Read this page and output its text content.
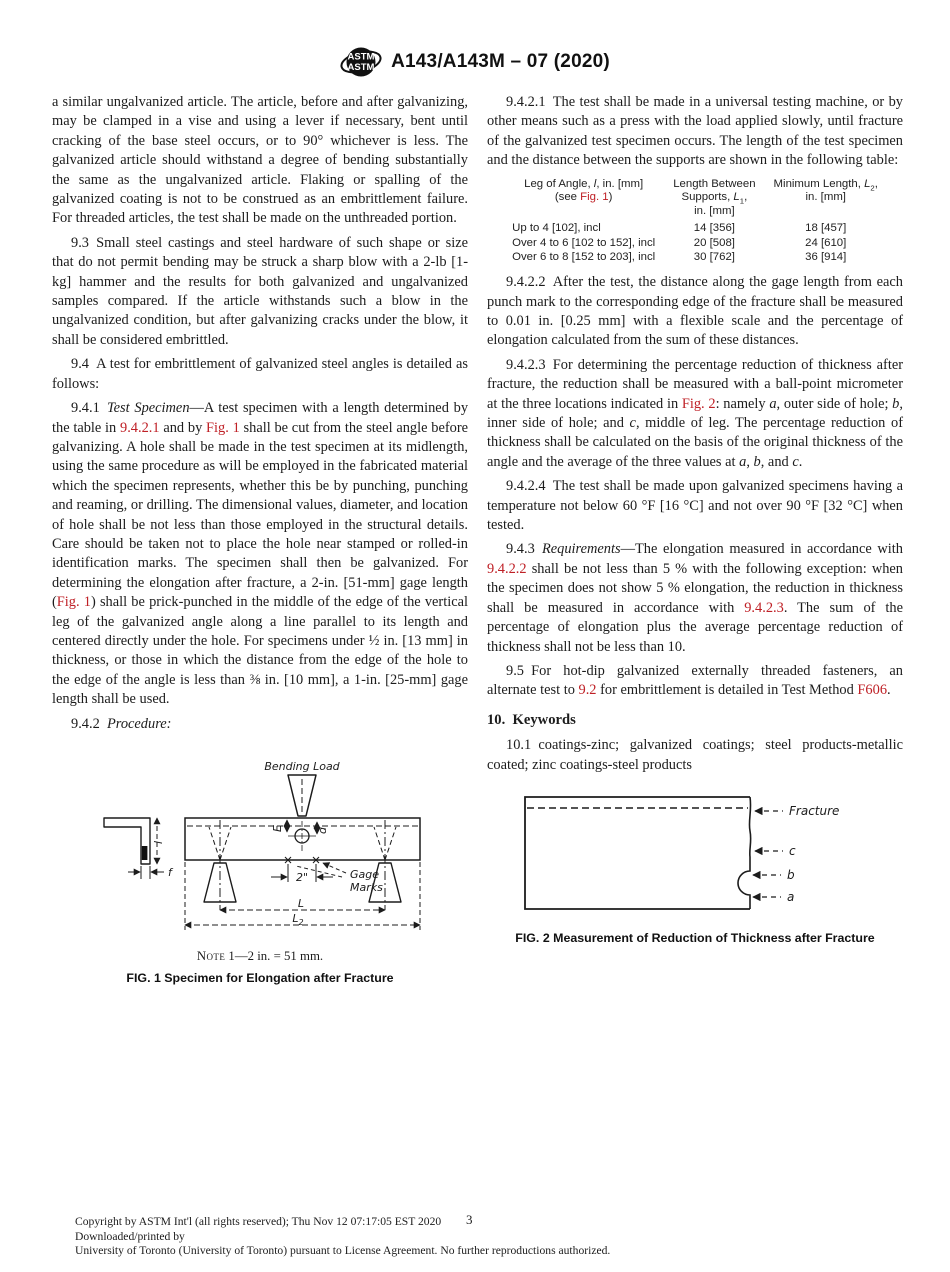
ASTM
ASTM A143/A143M – 07 (2020)

a similar ungalvanized article. The article, before and after galvanizing, may be clamped in a vise and using a lever if necessary, bent until cracking of the base steel occurs, or to 90° whichever is less. The galvanized article should withstand a degree of bending substantially the same as the ungalvanized article. Flaking or spalling of the galvanized coating is not to be construed as an embrittlement failure. For threaded articles, the test shall be made on the unthreaded portion.

9.3 Small steel castings and steel hardware of such shape or size that do not permit bending may be struck a sharp blow with a 2-lb [1-kg] hammer and the results for both galvanized and ungalvanized samples compared. If the article withstands such a blow in the ungalvanized condition, but after galvanizing cracks under the blow, it shall be considered embrittled.

9.4 A test for embrittlement of galvanized steel angles is detailed as follows:

9.4.1 Test Specimen—A test specimen with a length determined by the table in 9.4.2.1 and by Fig. 1 shall be cut from the steel angle before galvanizing. A hole shall be made in the test specimen at its midlength, using the same procedure as will be employed in the fabricated material which the specimen represents, whether this be by punching, punching and reaming, or drilling. The dimensional values, diameter, and location of hole shall be not less than those employed in the structural details. Care should be taken not to place the hole near stamped or rolled-in identification marks. The specimen shall then be galvanized. For determining the elongation after fracture, a 2-in. [51-mm] gage length (Fig. 1) shall be prick-punched in the middle of the edge of the vertical leg of the galvanized angle along a line parallel to its length and centered directly under the hole. For specimens under ½ in. [13 mm] in thickness, or those in which the distance from the edge of the hole to the edge of the angle is less than ⅜ in. [10 mm], a 1-in. [25-mm] gage length shall be used.

9.4.2 Procedure:

Bending Load
l
f
E	d
2"	Gage
Marks
L
$L_2$
Note 1—2 in. = 51 mm.
FIG. 1 Specimen for Elongation after Fracture

9.4.2.1 The test shall be made in a universal testing machine, or by other means such as a press with the load applied slowly, until fracture of the galvanized test specimen occurs. The length of the test specimen and the distance between the supports are shown in the following table:

Leg of Angle, l, in. [mm]
(see Fig. 1)	Length Between
Supports, $L_1$,
in. [mm]	Minimum Length, $L_2$,
in. [mm]
Up to 4 [102], incl	14 [356]	18 [457]
Over 4 to 6 [102 to 152], incl	20 [508]	24 [610]
Over 6 to 8 [152 to 203], incl	30 [762]	36 [914]

9.4.2.2 After the test, the distance along the gage length from each punch mark to the corresponding edge of the fracture shall be measured to 0.01 in. [0.25 mm] with a flexible scale and the percentage of elongation calculated from the sum of these distances.

9.4.2.3 For determining the percentage reduction of thickness after fracture, the reduction shall be measured with a ball-point micrometer at the three locations indicated in Fig. 2: namely a, outer side of hole; b, inner side of hole; and c, middle of leg. The percentage reduction of thickness shall be calculated on the basis of the original thickness of the angle and the average of the three values at a, b, and c.

9.4.2.4 The test shall be made upon galvanized specimens having a temperature not below 60 °F [16 °C] and not over 90 °F [32 °C] when tested.

9.4.3 Requirements—The elongation measured in accordance with 9.4.2.2 shall be not less than 5 % with the following exception: when the specimen does not show 5 % elongation, the reduction in thickness shall be measured in accordance with 9.4.2.3. The sum of the percentage of elongation plus the average percentage reduction of thickness shall not be less than 10.

9.5 For hot-dip galvanized externally threaded fasteners, an alternate test to 9.2 for embrittlement is detailed in Test Method F606.

10. Keywords

10.1 coatings-zinc; galvanized coatings; steel products-metallic coated; zinc coatings-steel products

Fracture
c
b
a
FIG. 2 Measurement of Reduction of Thickness after Fracture
Copyright by ASTM Int'l (all rights reserved); Thu Nov 12 07:17:05 EST 2020
Downloaded/printed by
University of Toronto (University of Toronto) pursuant to License Agreement. No further reproductions authorized.
3
